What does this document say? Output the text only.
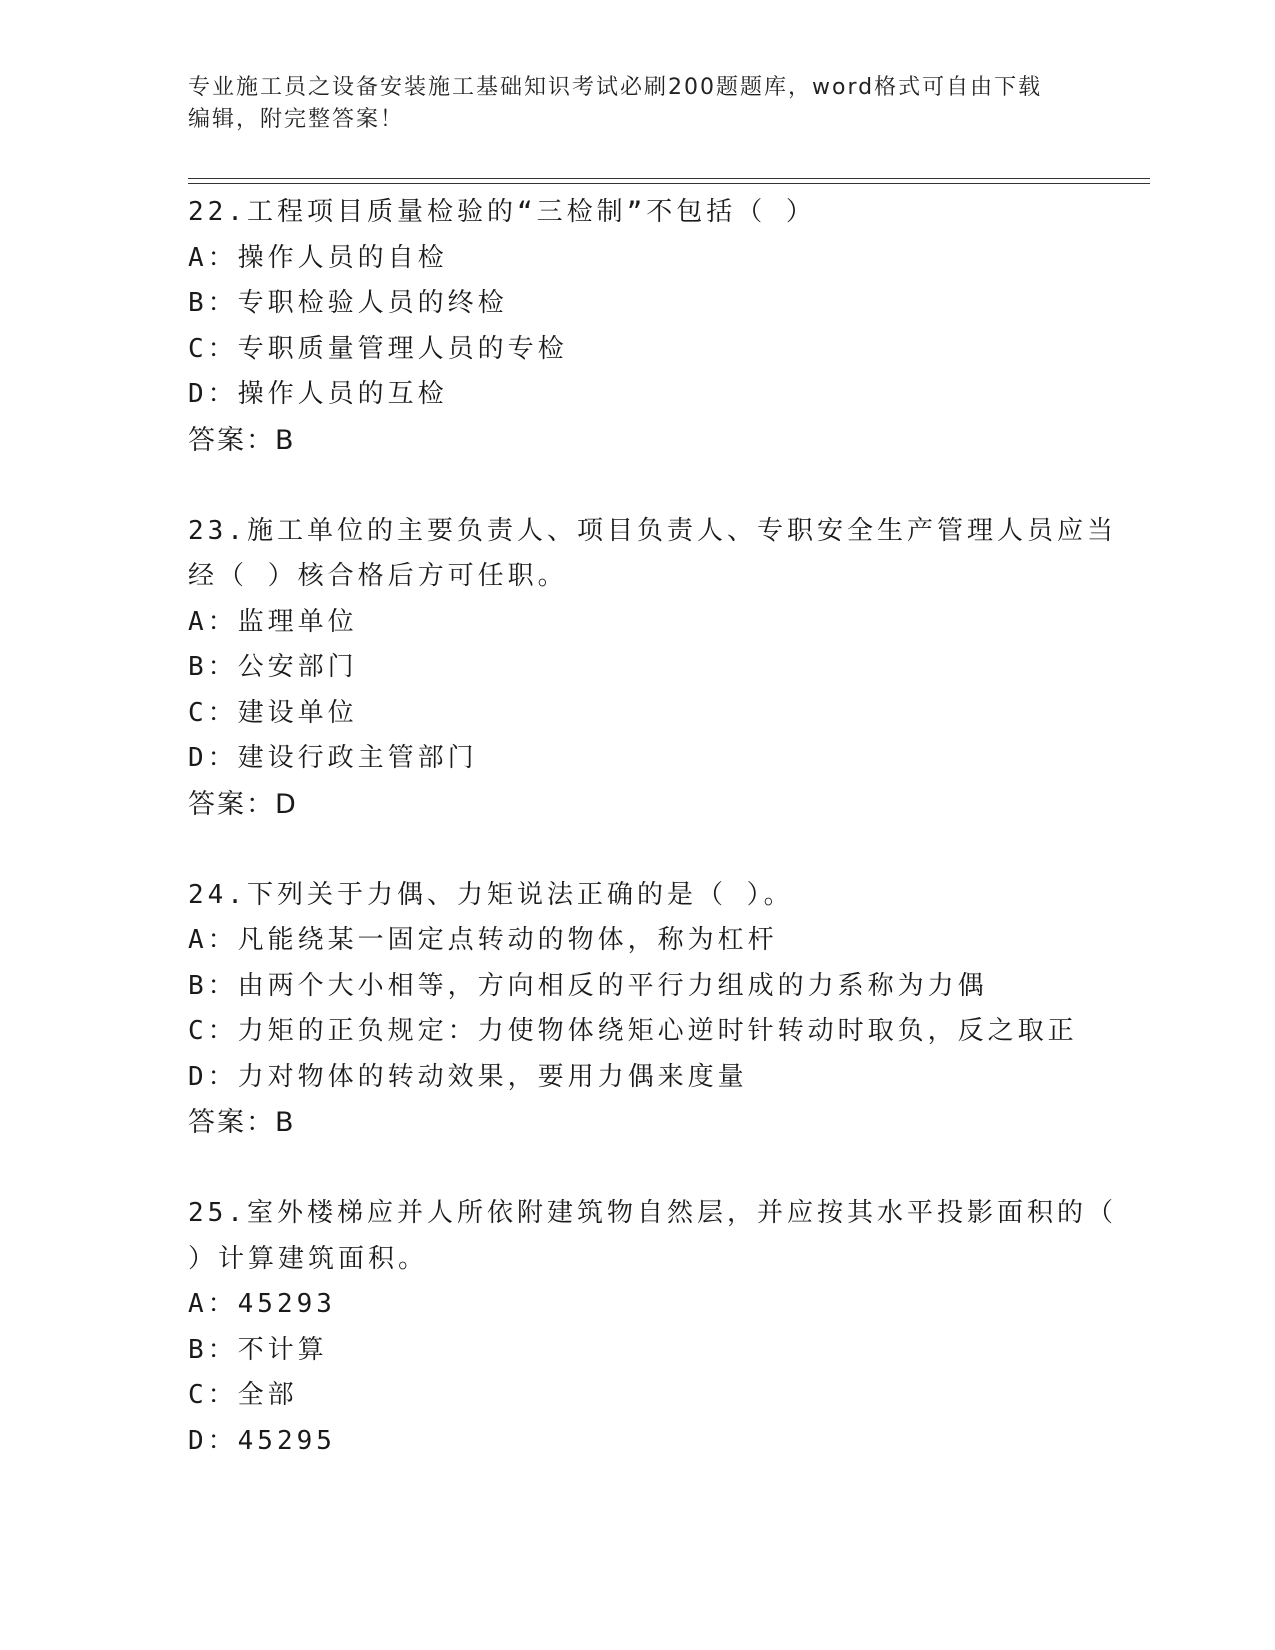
专业施工员之设备安装施工基础知识考试必刷200题题库，word格式可自由下载
编辑，附完整答案！
22.工程项目质量检验的“三检制”不包括（ ）
A：操作人员的自检
B：专职检验人员的终检
C：专职质量管理人员的专检
D：操作人员的互检
答案：B
23.施工单位的主要负责人、项目负责人、专职安全生产管理人员应当
经（ ）核合格后方可任职。
A：监理单位
B：公安部门
C：建设单位
D：建设行政主管部门
答案：D
24.下列关于力偶、力矩说法正确的是（ ）。
A：凡能绕某一固定点转动的物体，称为杠杆
B：由两个大小相等，方向相反的平行力组成的力系称为力偶
C：力矩的正负规定：力使物体绕矩心逆时针转动时取负，反之取正
D：力对物体的转动效果，要用力偶来度量
答案：B
25.室外楼梯应并人所依附建筑物自然层，并应按其水平投影面积的（
）计算建筑面积。
A：45293
B：不计算
C：全部
D：45295
